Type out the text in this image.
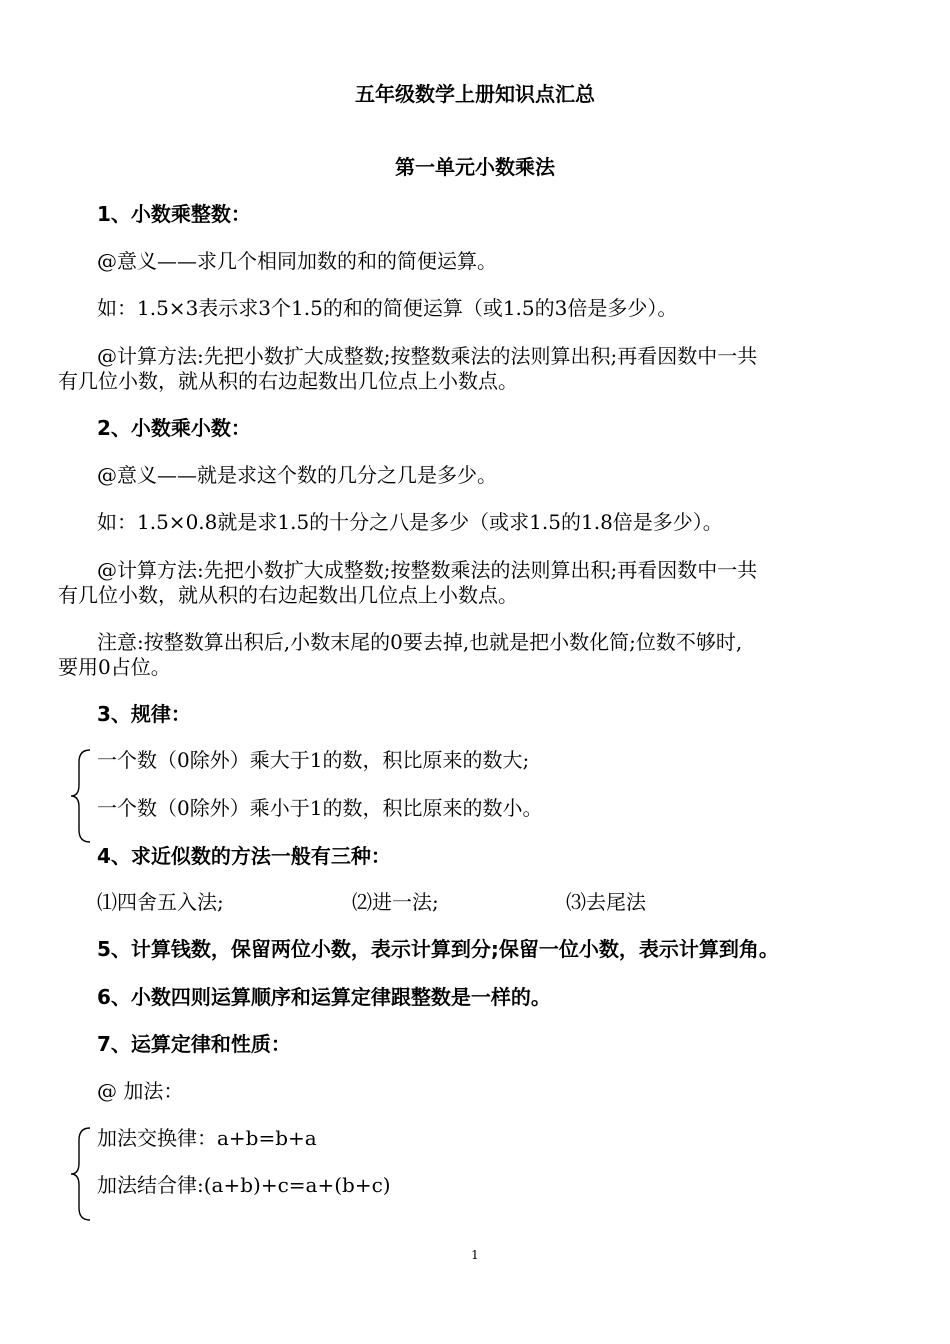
五年级数学上册知识点汇总
第一单元小数乘法
1、小数乘整数：
@意义——求几个相同加数的和的简便运算。
如：1.5×3表示求3个1.5的和的简便运算（或1.5的3倍是多少）。
@计算方法:先把小数扩大成整数;按整数乘法的法则算出积;再看因数中一共
有几位小数，就从积的右边起数出几位点上小数点。
2、小数乘小数：
@意义——就是求这个数的几分之几是多少。
如：1.5×0.8就是求1.5的十分之八是多少（或求1.5的1.8倍是多少）。
@计算方法:先把小数扩大成整数;按整数乘法的法则算出积;再看因数中一共
有几位小数，就从积的右边起数出几位点上小数点。
注意:按整数算出积后,小数末尾的0要去掉,也就是把小数化简;位数不够时,
要用0占位。
3、规律：
一个数（0除外）乘大于1的数，积比原来的数大;
一个数（0除外）乘小于1的数，积比原来的数小。
4、求近似数的方法一般有三种：
⑴四舍五入法;	⑵进一法;	⑶去尾法
5、计算钱数，保留两位小数，表示计算到分;保留一位小数，表示计算到角。
6、小数四则运算顺序和运算定律跟整数是一样的。
7、运算定律和性质：
@ 加法：
加法交换律：a+b=b+a
加法结合律:(a+b)+c=a+(b+c)
1
